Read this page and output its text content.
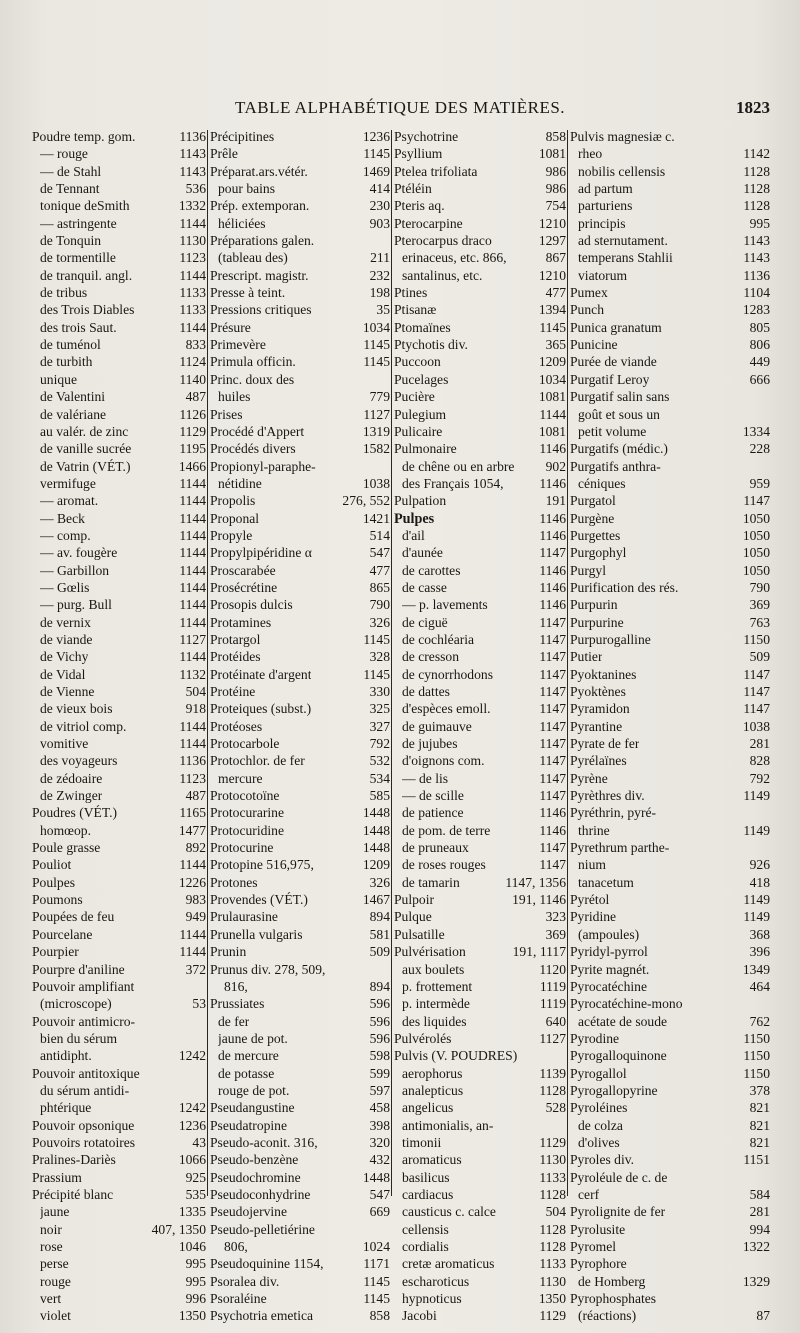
TABLE ALPHABÉTIQUE DES MATIÈRES.	1823
Poudre temp. gom.	1136
— rouge	1143
— de Stahl	1143
de Tennant	536
tonique deSmith	1332
— astringente	1144
de Tonquin	1130
de tormentille	1123
de tranquil. angl.	1144
de tribus	1133
des Trois Diables	1133
des trois Saut.	1144
de tuménol	833
de turbith	1124
unique	1140
de Valentini	487
de valériane	1126
au valér. de zinc	1129
de vanille sucrée	1195
de Vatrin (VÉT.)	1466
vermifuge	1144
— aromat.	1144
— Beck	1144
— comp.	1144
— av. fougère	1144
— Garbillon	1144
— Gœlis	1144
— purg. Bull	1144
de vernix	1144
de viande	1127
de Vichy	1144
de Vidal	1132
de Vienne	504
de vieux bois	918
de vitriol comp.	1144
vomitive	1144
des voyageurs	1136
de zédoaire	1123
de Zwinger	487
Poudres (VÉT.)	1165
homœop.	1477
Poule grasse	892
Pouliot	1144
Poulpes	1226
Poumons	983
Poupées de feu	949
Pourcelane	1144
Pourpier	1144
Pourpre d'aniline	372
Pouvoir amplifiant
(microscope)	53
Pouvoir antimicro-
bien du sérum
antidipht.	1242
Pouvoir antitoxique
du sérum antidi-
phtérique	1242
Pouvoir opsonique	1236
Pouvoirs rotatoires	43
Pralines-Dariès	1066
Prassium	925
Précipité blanc	535
jaune	1335
noir	407, 1350
rose	1046
perse	995
rouge	995
vert	996
violet	1350
Précipitines	1236
Prêle	1145
Préparat.ars.vétér.	1469
pour bains	414
Prép. extemporan.	230
héliciées	903
Préparations galen.
(tableau des)	211
Prescript. magistr.	232
Presse à teint.	198
Pressions critiques	35
Présure	1034
Primevère	1145
Primula officin.	1145
Princ. doux des
huiles	779
Prises	1127
Procédé d'Appert	1319
Procédés divers	1582
Propionyl-paraphe-
nétidine	1038
Propolis	276, 552
Proponal	1421
Propyle	514
Propylpipéridine α	547
Proscarabée	477
Prosécrétine	865
Prosopis dulcis	790
Protamines	326
Protargol	1145
Protéides	328
Protéinate d'argent	1145
Protéine	330
Proteiques (subst.)	325
Protéoses	327
Protocarbole	792
Protochlor. de fer	532
mercure	534
Protocotoïne	585
Protocurarine	1448
Protocuridine	1448
Protocurine	1448
Protopine 516,975,	1209
Protones	326
Provendes (VÉT.)	1467
Prulaurasine	894
Prunella vulgaris	581
Prunin	509
Prunus div. 278, 509,
816,	894
Prussiates	596
de fer	596
jaune de pot.	596
de mercure	598
de potasse	599
rouge de pot.	597
Pseudangustine	458
Pseudatropine	398
Pseudo-aconit. 316,	320
Pseudo-benzène	432
Pseudochromine	1448
Pseudoconhydrine	547
Pseudojervine	669
Pseudo-pelletiérine
806,	1024
Pseudoquinine 1154,	1171
Psoralea div.	1145
Psoraléine	1145
Psychotria emetica	858
Psychotrine	858
Psyllium	1081
Ptelea trifoliata	986
Ptéléin	986
Pteris aq.	754
Pterocarpine	1210
Pterocarpus draco	1297
erinaceus, etc. 866,	867
santalinus, etc.	1210
Ptines	477
Ptisanæ	1394
Ptomaïnes	1145
Ptychotis div.	365
Puccoon	1209
Pucelages	1034
Pucière	1081
Pulegium	1144
Pulicaire	1081
Pulmonaire	1146
de chêne ou en arbre 902
des Français 1054,	1146
Pulpation	191
Pulpes	1146
d'ail	1146
d'aunée	1147
de carottes	1146
de casse	1146
— p. lavements	1146
de ciguë	1147
de cochléaria	1147
de cresson	1147
de cynorrhodons	1147
de dattes	1147
d'espèces emoll.	1147
de guimauve	1147
de jujubes	1147
d'oignons com.	1147
— de lis	1147
— de scille	1147
de patience	1146
de pom. de terre	1146
de pruneaux	1147
de roses rouges	1147
de tamarin	1147, 1356
Pulpoir	191, 1146
Pulque	323
Pulsatille	369
Pulvérisation	191, 1117
aux boulets	1120
p. frottement	1119
p. intermède	1119
des liquides	640
Pulvérolés	1127
Pulvis (V. POUDRES)
aerophorus	1139
analepticus	1128
angelicus	528
antimonialis, an-
timonii	1129
aromaticus	1130
basilicus	1133
cardiacus	1128
causticus c. calce	504
cellensis	1128
cordialis	1128
cretæ aromaticus	1133
escharoticus	1130
hypnoticus	1350
Jacobi	1129
Pulvis magnesiæ c.
rheo	1142
nobilis cellensis	1128
ad partum	1128
parturiens	1128
principis	995
ad sternutament.	1143
temperans Stahlii	1143
viatorum	1136
Pumex	1104
Punch	1283
Punica granatum	805
Punicine	806
Purée de viande	449
Purgatif Leroy	666
Purgatif salin sans
goût et sous un
petit volume	1334
Purgatifs (médic.)	228
Purgatifs anthra-
céniques	959
Purgatol	1147
Purgène	1050
Purgettes	1050
Purgophyl	1050
Purgyl	1050
Purification des rés.	790
Purpurin	369
Purpurine	763
Purpurogalline	1150
Putier	509
Pyoktanines	1147
Pyoktènes	1147
Pyramidon	1147
Pyrantine	1038
Pyrate de fer	281
Pyrélaïnes	828
Pyrène	792
Pyrèthres div.	1149
Pyréthrin, pyré-
thrine	1149
Pyrethrum parthe-
nium	926
tanacetum	418
Pyrétol	1149
Pyridine	1149
(ampoules)	368
Pyridyl-pyrrol	396
Pyrite magnét.	1349
Pyrocatéchine	464
Pyrocatéchine-mono
acétate de soude	762
Pyrodine	1150
Pyrogalloquinone	1150
Pyrogallol	1150
Pyrogallopyrine	378
Pyroléines	821
de colza	821
d'olives	821
Pyroles div.	1151
Pyroléule de c. de
cerf	584
Pyrolignite de fer	281
Pyrolusite	994
Pyromel	1322
Pyrophore
de Homberg	1329
Pyrophosphates
(réactions)	87
